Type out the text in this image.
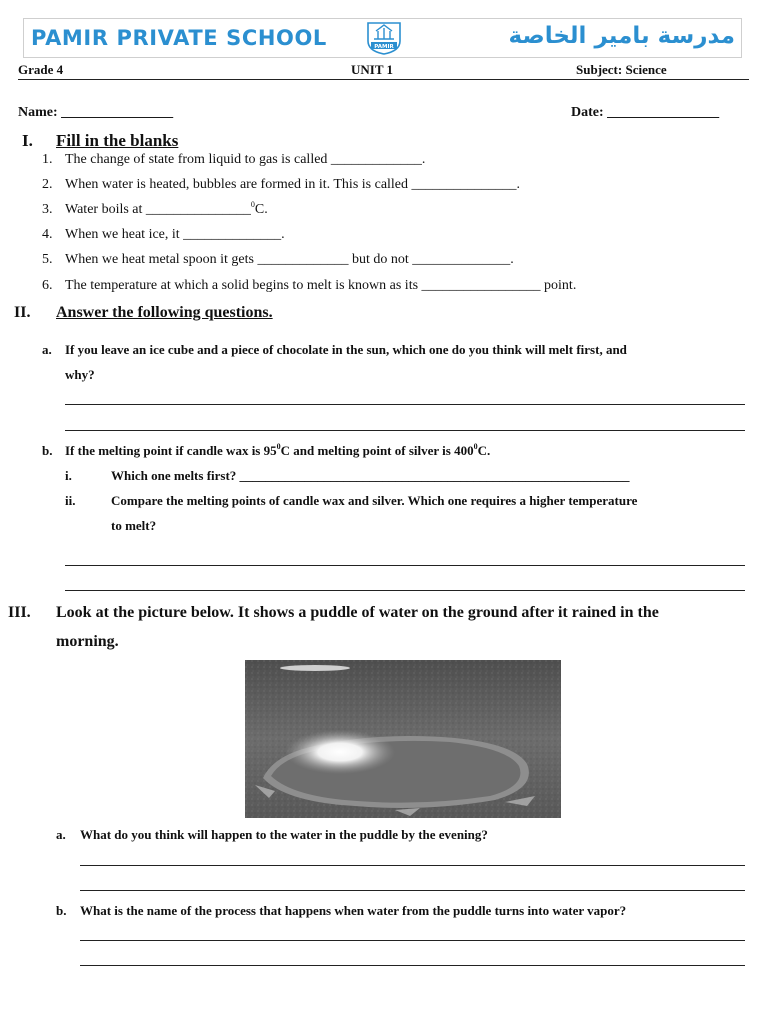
PAMIR PRIVATE SCHOOL	PAMIR	مدرسة بامير الخاصة
Grade 4	UNIT 1	Subject: Science
Name: ________________	Date: ________________
I. Fill in the blanks
1. The change of state from liquid to gas is called _____________.
2. When water is heated, bubbles are formed in it. This is called _______________.
3. Water boils at _______________$^0$C.
4. When we heat ice, it ______________.
5. When we heat metal spoon it gets _____________ but do not ______________.
6. The temperature at which a solid begins to melt is known as its _________________ point.
II. Answer the following questions.
a. If you leave an ice cube and a piece of chocolate in the sun, which one do you think will melt first, and
why?
b. If the melting point if candle wax is $95^0C$ and melting point of silver is $400^0C$.
i.	Which one melts first? ____________________________________________________________
ii.	Compare the melting points of candle wax and silver. Which one requires a higher temperature
to melt?
III. Look at the picture below. It shows a puddle of water on the ground after it rained in the
morning.
a. What do you think will happen to the water in the puddle by the evening?
b. What is the name of the process that happens when water from the puddle turns into water vapor?
